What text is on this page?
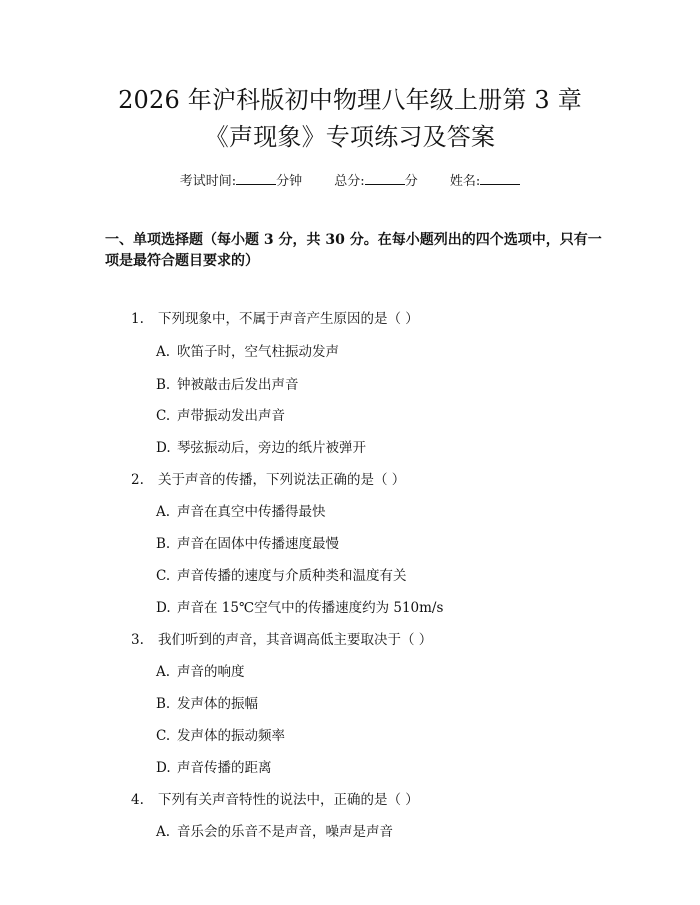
2026 年沪科版初中物理八年级上册第 3 章
《声现象》专项练习及答案
考试时间:	分钟 总分:	分 姓名:
一、单项选择题（每小题 3 分，共 30 分。在每小题列出的四个选项中，只有一项是最符合题目要求的）
1. 下列现象中，不属于声音产生原因的是（ ）
A. 吹笛子时，空气柱振动发声
B. 钟被敲击后发出声音
C. 声带振动发出声音
D. 琴弦振动后，旁边的纸片被弹开
2. 关于声音的传播，下列说法正确的是（ ）
A. 声音在真空中传播得最快
B. 声音在固体中传播速度最慢
C. 声音传播的速度与介质种类和温度有关
D. 声音在 15℃空气中的传播速度约为 510m/s
3. 我们听到的声音，其音调高低主要取决于（ ）
A. 声音的响度
B. 发声体的振幅
C. 发声体的振动频率
D. 声音传播的距离
4. 下列有关声音特性的说法中，正确的是（ ）
A. 音乐会的乐音不是声音，噪声是声音
